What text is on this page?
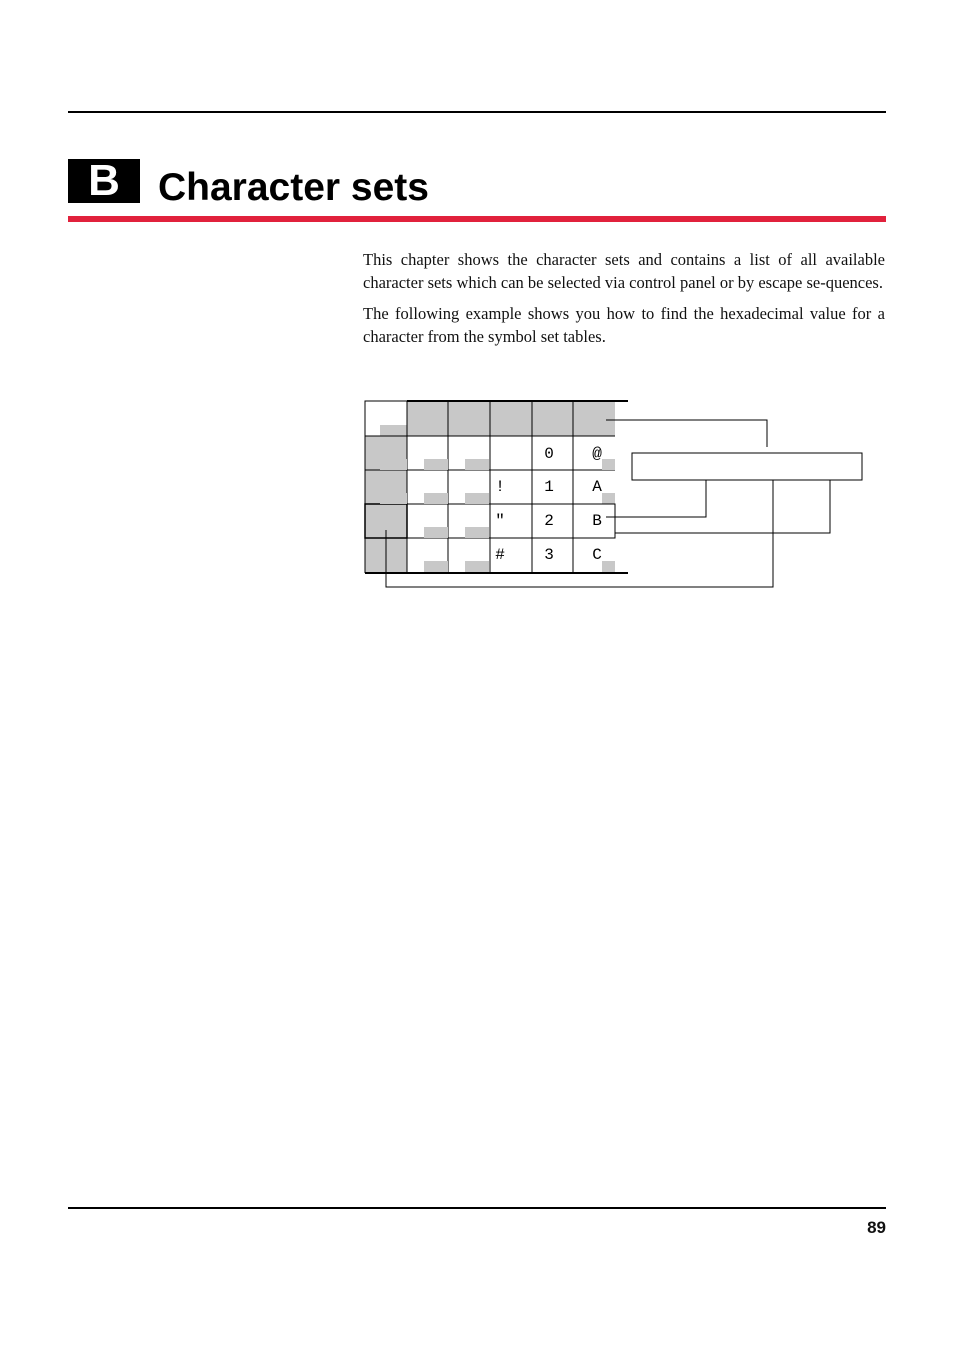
B Character sets

This chapter shows the character sets and contains a list of all available character sets which can be selected via control panel or by escape se-quences.

The following example shows you how to find the hexadecimal value for a character from the symbol set tables.

!
"
#
0
1
2
3
@
A
B
C
89
